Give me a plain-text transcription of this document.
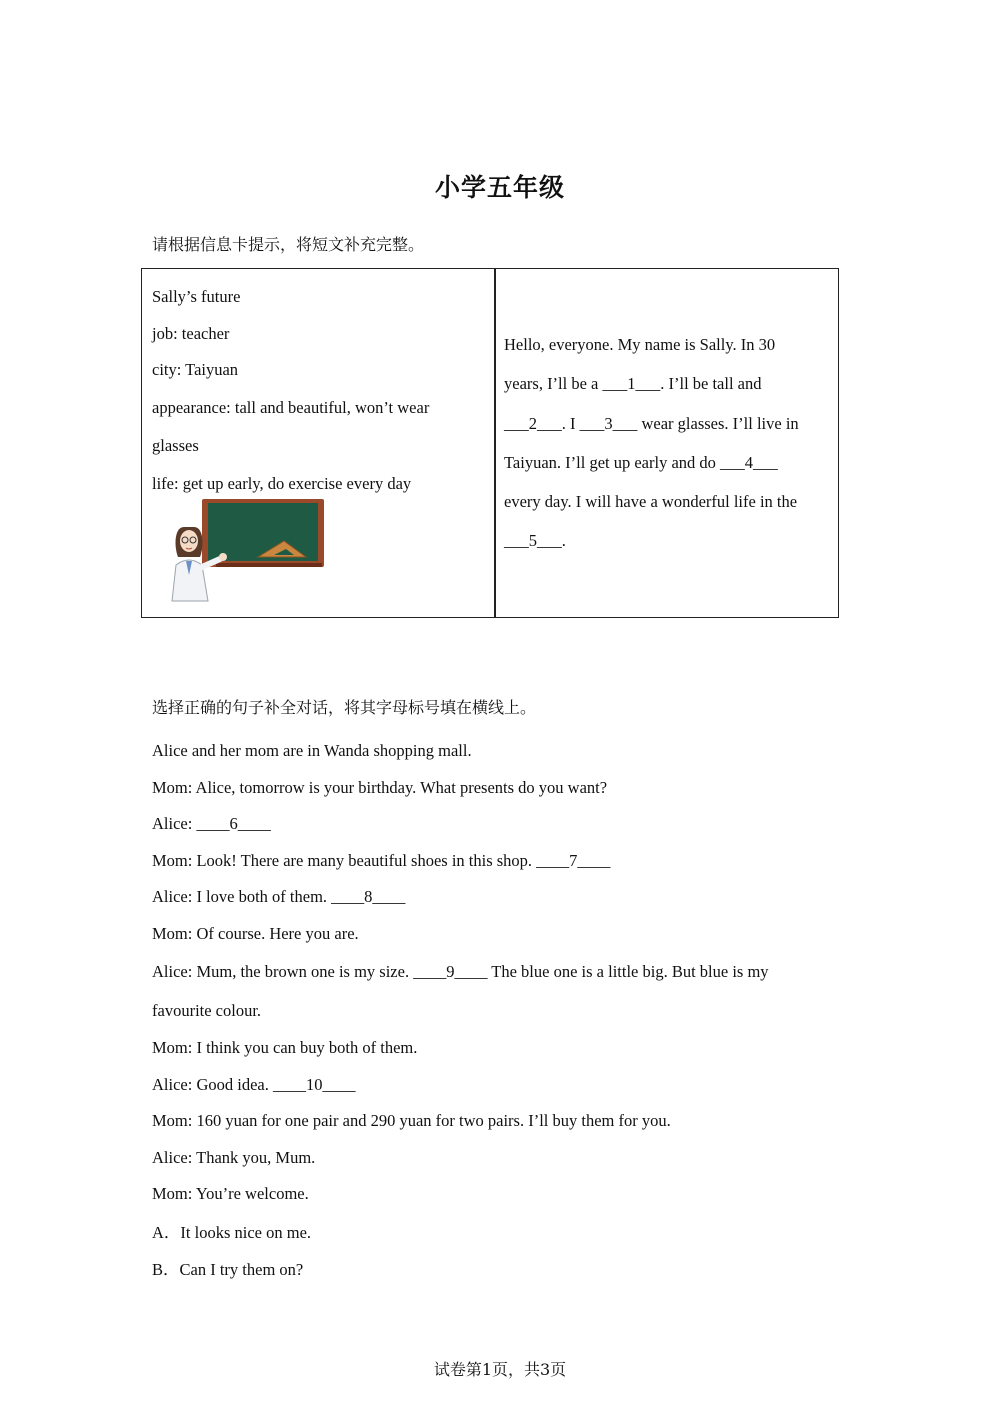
小学五年级
请根据信息卡提示，将短文补充完整。
Sally’s future
job: teacher
city: Taiyuan
appearance: tall and beautiful, won’t wear
glasses
life: get up early, do exercise every day
Hello, everyone. My name is Sally. In 30
years, I’ll be a ___1___. I’ll be tall and
___2___. I ___3___ wear glasses. I’ll live in
Taiyuan. I’ll get up early and do ___4___
every day. I will have a wonderful life in the
___5___.
选择正确的句子补全对话，将其字母标号填在横线上。
Alice and her mom are in Wanda shopping mall.
Mom: Alice, tomorrow is your birthday. What presents do you want?
Alice: ____6____
Mom: Look! There are many beautiful shoes in this shop. ____7____
Alice: I love both of them. ____8____
Mom: Of course. Here you are.
Alice: Mum, the brown one is my size. ____9____ The blue one is a little big. But blue is my
favourite colour.
Mom: I think you can buy both of them.
Alice: Good idea. ____10____
Mom: 160 yuan for one pair and 290 yuan for two pairs. I’ll buy them for you.
Alice: Thank you, Mum.
Mom: You’re welcome.
A．It looks nice on me.
B．Can I try them on?
试卷第1页，共3页
